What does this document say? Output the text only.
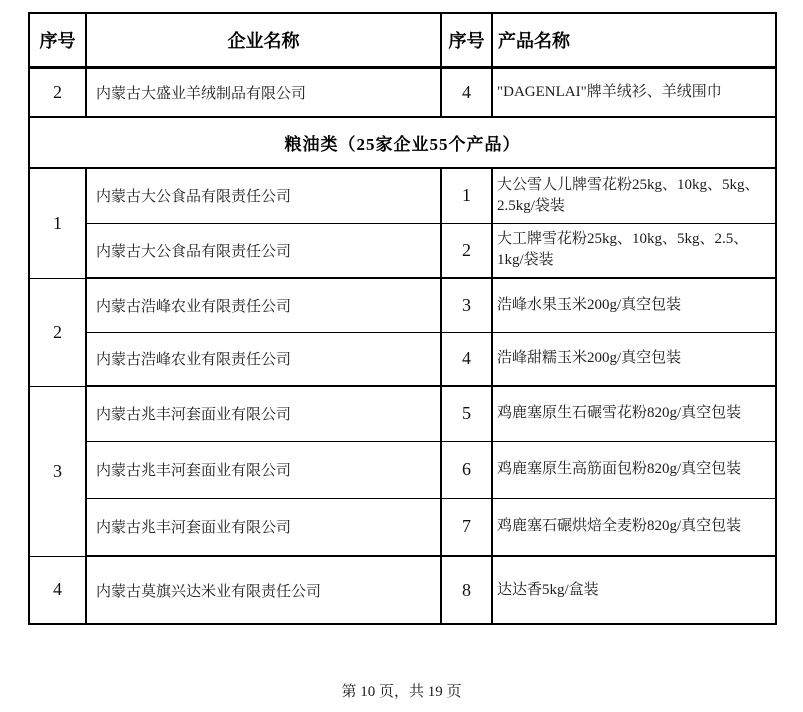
序号	企业名称	序号	产品名称
2	内蒙古大盛业羊绒制品有限公司	4	"DAGENLAI"牌羊绒衫、羊绒围巾
粮油类（25家企业55个产品）			
1	内蒙古大公食品有限责任公司	1	大公雪人儿牌雪花粉25kg、10kg、5kg、2.5kg/袋装
	内蒙古大公食品有限责任公司	2	大工牌雪花粉25kg、10kg、5kg、2.5、1kg/袋装
2	内蒙古浩峰农业有限责任公司	3	浩峰水果玉米200g/真空包装
	内蒙古浩峰农业有限责任公司	4	浩峰甜糯玉米200g/真空包装
3	内蒙古兆丰河套面业有限公司	5	鸡鹿塞原生石碾雪花粉820g/真空包装
	内蒙古兆丰河套面业有限公司	6	鸡鹿塞原生高筋面包粉820g/真空包装
	内蒙古兆丰河套面业有限公司	7	鸡鹿塞石碾烘焙全麦粉820g/真空包装
4	内蒙古莫旗兴达米业有限责任公司	8	达达香5kg/盒装
第 10 页，共 19 页
